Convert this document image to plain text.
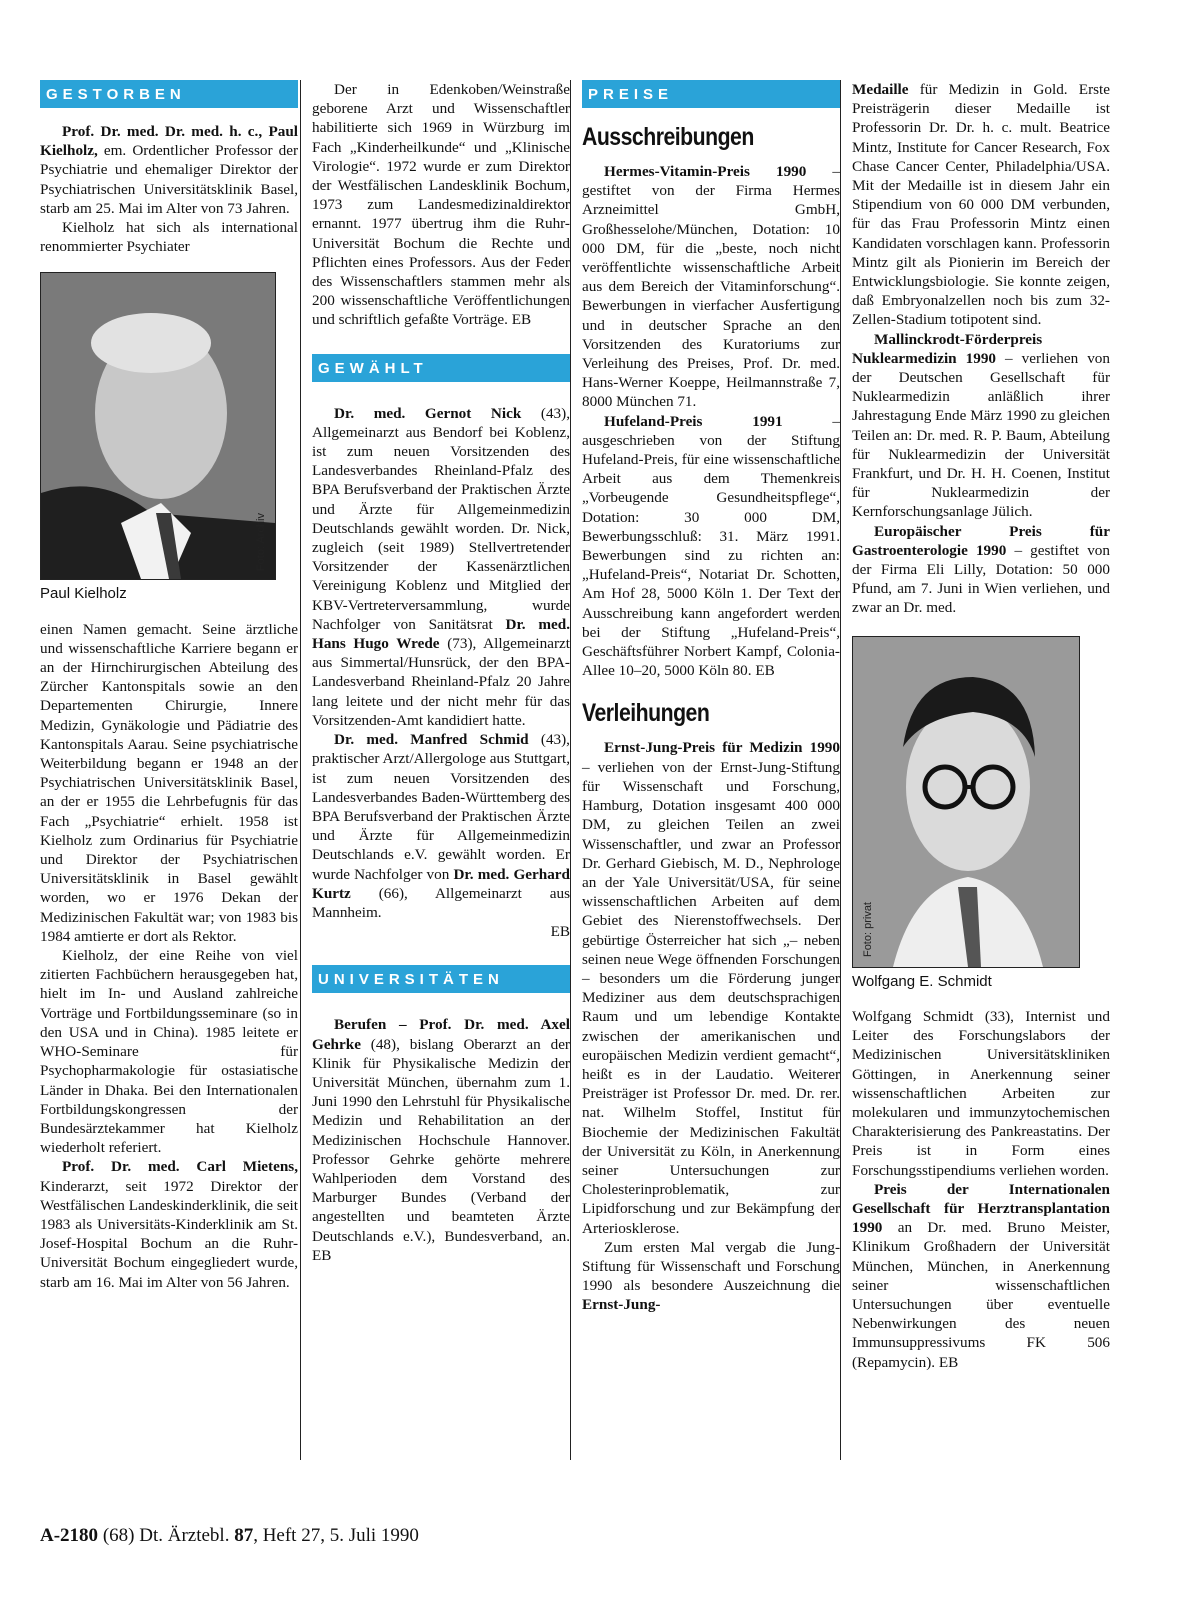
GESTORBEN

Prof. Dr. med. Dr. med. h. c., Paul Kielholz, em. Ordentlicher Professor der Psychiatrie und ehemaliger Direktor der Psychiatrischen Universitätsklinik Basel, starb am 25. Mai im Alter von 73 Jahren.

Kielholz hat sich als international renommierter Psychiater

Foto: Archiv
Paul Kielholz

einen Namen gemacht. Seine ärztliche und wissenschaftliche Karriere begann er an der Hirnchirurgischen Abteilung des Zürcher Kantonspitals sowie an den Departementen Chirurgie, Innere Medizin, Gynäkologie und Pädiatrie des Kantonspitals Aarau. Seine psychiatrische Weiterbildung begann er 1948 an der Psychiatrischen Universitätsklinik Basel, an der er 1955 die Lehrbefugnis für das Fach „Psychiatrie“ erhielt. 1958 ist Kielholz zum Ordinarius für Psychiatrie und Direktor der Psychiatrischen Universitätsklinik in Basel gewählt worden, wo er 1976 Dekan der Medizinischen Fakultät war; von 1983 bis 1984 amtierte er dort als Rektor.

Kielholz, der eine Reihe von viel zitierten Fachbüchern herausgegeben hat, hielt im In- und Ausland zahlreiche Vorträge und Fortbildungsseminare (so in den USA und in China). 1985 leitete er WHO-Seminare für Psychopharmakologie für ostasiatische Länder in Dhaka. Bei den Internationalen Fortbildungskongressen der Bundesärztekammer hat Kielholz wiederholt referiert.

Prof. Dr. med. Carl Mietens, Kinderarzt, seit 1972 Direktor der Westfälischen Landeskinderklinik, die seit 1983 als Universitäts-Kinderklinik am St. Josef-Hospital Bochum an die Ruhr-Universität Bochum eingegliedert wurde, starb am 16. Mai im Alter von 56 Jahren.

Der in Edenkoben/Weinstraße geborene Arzt und Wissenschaftler habilitierte sich 1969 in Würzburg im Fach „Kinderheilkunde“ und „Klinische Virologie“. 1972 wurde er zum Direktor der Westfälischen Landesklinik Bochum, 1973 zum Landesmedizinaldirektor ernannt. 1977 übertrug ihm die Ruhr-Universität Bochum die Rechte und Pflichten eines Professors. Aus der Feder des Wissenschaftlers stammen mehr als 200 wissenschaftliche Veröffentlichungen und schriftlich gefaßte Vorträge. EB

GEWÄHLT

Dr. med. Gernot Nick (43), Allgemeinarzt aus Bendorf bei Koblenz, ist zum neuen Vorsitzenden des Landesverbandes Rheinland-Pfalz des BPA Berufsverband der Praktischen Ärzte und Ärzte für Allgemeinmedizin Deutschlands gewählt worden. Dr. Nick, zugleich (seit 1989) Stellvertretender Vorsitzender der Kassenärztlichen Vereinigung Koblenz und Mitglied der KBV-Vertreterversammlung, wurde Nachfolger von Sanitätsrat Dr. med. Hans Hugo Wrede (73), Allgemeinarzt aus Simmertal/Hunsrück, der den BPA-Landesverband Rheinland-Pfalz 20 Jahre lang leitete und der nicht mehr für das Vorsitzenden-Amt kandidiert hatte.

Dr. med. Manfred Schmid (43), praktischer Arzt/Allergologe aus Stuttgart, ist zum neuen Vorsitzenden des Landesverbandes Baden-Württemberg des BPA Berufsverband der Praktischen Ärzte und Ärzte für Allgemeinmedizin Deutschlands e.V. gewählt worden. Er wurde Nachfolger von Dr. med. Gerhard Kurtz (66), Allgemeinarzt aus Mannheim.

EB
UNIVERSITÄTEN

Berufen – Prof. Dr. med. Axel Gehrke (48), bislang Oberarzt an der Klinik für Physikalische Medizin der Universität München, übernahm zum 1. Juni 1990 den Lehrstuhl für Physikalische Medizin und Rehabilitation an der Medizinischen Hochschule Hannover. Professor Gehrke gehörte mehrere Wahlperioden dem Vorstand des Marburger Bundes (Verband der angestellten und beamteten Ärzte Deutschlands e.V.), Bundesverband, an. EB

PREISE
Ausschreibungen

Hermes-Vitamin-Preis 1990 – gestiftet von der Firma Hermes Arzneimittel GmbH, Großhesselohe/München, Dotation: 10 000 DM, für die „beste, noch nicht veröffentlichte wissenschaftliche Arbeit aus dem Bereich der Vitaminforschung“. Bewerbungen in vierfacher Ausfertigung und in deutscher Sprache an den Vorsitzenden des Kuratoriums zur Verleihung des Preises, Prof. Dr. med. Hans-Werner Koeppe, Heilmannstraße 7, 8000 München 71.

Hufeland-Preis 1991 – ausgeschrieben von der Stiftung Hufeland-Preis, für eine wissenschaftliche Arbeit aus dem Themenkreis „Vorbeugende Gesundheitspflege“, Dotation: 30 000 DM, Bewerbungsschluß: 31. März 1991. Bewerbungen sind zu richten an: „Hufeland-Preis“, Notariat Dr. Schotten, Am Hof 28, 5000 Köln 1. Der Text der Ausschreibung kann angefordert werden bei der Stiftung „Hufeland-Preis“, Geschäftsführer Norbert Kampf, Colonia-Allee 10–20, 5000 Köln 80. EB

Verleihungen

Ernst-Jung-Preis für Medizin 1990 – verliehen von der Ernst-Jung-Stiftung für Wissenschaft und Forschung, Hamburg, Dotation insgesamt 400 000 DM, zu gleichen Teilen an zwei Wissenschaftler, und zwar an Professor Dr. Gerhard Giebisch, M. D., Nephrologe an der Yale Universität/USA, für seine wissenschaftlichen Arbeiten auf dem Gebiet des Nierenstoffwechsels. Der gebürtige Österreicher hat sich „– neben seinen neue Wege öffnenden Forschungen – besonders um die Förderung junger Mediziner aus dem deutschsprachigen Raum und um lebendige Kontakte zwischen der amerikanischen und europäischen Medizin verdient gemacht“, heißt es in der Laudatio. Weiterer Preisträger ist Professor Dr. med. Dr. rer. nat. Wilhelm Stoffel, Institut für Biochemie der Medizinischen Fakultät der Universität zu Köln, in Anerkennung seiner Untersuchungen zur Cholesterinproblematik, zur Lipidforschung und zur Bekämpfung der Arteriosklerose.

Zum ersten Mal vergab die Jung-Stiftung für Wissenschaft und Forschung 1990 als besondere Auszeichnung die Ernst-Jung-

Medaille für Medizin in Gold. Erste Preisträgerin dieser Medaille ist Professorin Dr. Dr. h. c. mult. Beatrice Mintz, Institute for Cancer Research, Fox Chase Cancer Center, Philadelphia/USA. Mit der Medaille ist in diesem Jahr ein Stipendium von 60 000 DM verbunden, für das Frau Professorin Mintz einen Kandidaten vorschlagen kann. Professorin Mintz gilt als Pionierin im Bereich der Entwicklungsbiologie. Sie konnte zeigen, daß Embryonalzellen noch bis zum 32-Zellen-Stadium totipotent sind.

Mallinckrodt-Förderpreis Nuklearmedizin 1990 – verliehen von der Deutschen Gesellschaft für Nuklearmedizin anläßlich ihrer Jahrestagung Ende März 1990 zu gleichen Teilen an: Dr. med. R. P. Baum, Abteilung für Nuklearmedizin der Universität Frankfurt, und Dr. H. H. Coenen, Institut für Nuklearmedizin der Kernforschungsanlage Jülich.

Europäischer Preis für Gastroenterologie 1990 – gestiftet von der Firma Eli Lilly, Dotation: 50 000 Pfund, am 7. Juni in Wien verliehen, und zwar an Dr. med.

Foto: privat
Wolfgang E. Schmidt

Wolfgang Schmidt (33), Internist und Leiter des Forschungslabors der Medizinischen Universitätskliniken Göttingen, in Anerkennung seiner wissenschaftlichen Arbeiten zur molekularen und immunzytochemischen Charakterisierung des Pankreastatins. Der Preis ist in Form eines Forschungsstipendiums verliehen worden.

Preis der Internationalen Gesellschaft für Herztransplantation 1990 an Dr. med. Bruno Meister, Klinikum Großhadern der Universität München, München, in Anerkennung seiner wissenschaftlichen Untersuchungen über eventuelle Nebenwirkungen des neuen Immunsuppressivums FK 506 (Repamycin). EB

A-2180 (68) Dt. Ärztebl. 87, Heft 27, 5. Juli 1990
